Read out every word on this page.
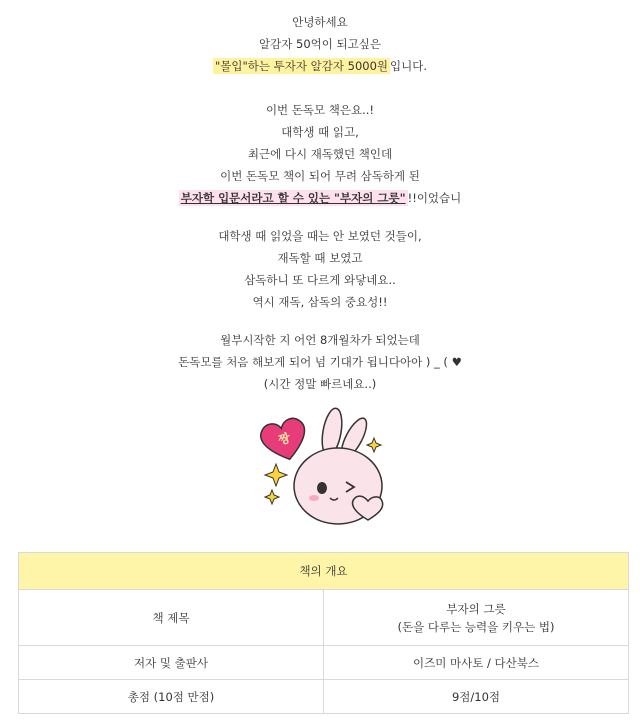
안녕하세요
알감자 50억이 되고싶은
"몰입"하는 투자자 알감자 5000원 입니다.
이번 돈독모 책은요..!
대학생 때 읽고,
최근에 다시 재독했던 책인데
이번 돈독모 책이 되어 무려 삼독하게 된
부자학 입문서라고 할 수 있는 "부자의 그릇" !!이었습니
대학생 때 읽었을 때는 안 보였던 것들이,
재독할 때 보였고
삼독하니 또 다르게 와닿네요..
역시 재독, 삼독의 중요성!!
월부시작한 지 어언 8개월차가 되었는데
돈독모를 처음 해보게 되어 넘 기대가 됩니다아아 ) _ ( ♥
(시간 정말 빠르네요..)
짱
책의 개요	
책 제목	부자의 그릇
(돈을 다루는 능력을 키우는 법)

저자 및 출판사	이즈미 마사토 / 다산북스
총점 (10점 만점)	9점/10점
